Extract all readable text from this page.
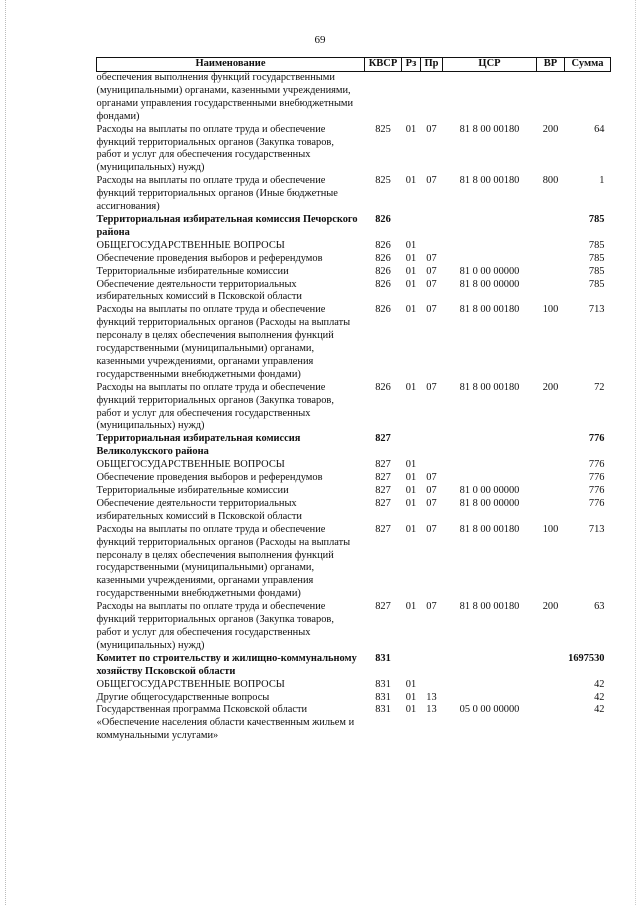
69
Наименование	КВСР	Рз	Пр	ЦСР	ВР	Сумма
обеспечения выполнения функций государственными (муниципальными) органами, казенными учреждениями, органами управления государственными внебюджетными фондами)						
Расходы на выплаты по оплате труда и обеспечение функций территориальных органов (Закупка товаров, работ и услуг для обеспечения государственных (муниципальных) нужд)	825	01	07	81 8 00 00180	200	64
Расходы на выплаты по оплате труда и обеспечение функций территориальных органов (Иные бюджетные ассигнования)	825	01	07	81 8 00 00180	800	1
Территориальная избирательная комиссия Печорского района	826					785
ОБЩЕГОСУДАРСТВЕННЫЕ ВОПРОСЫ	826	01				785
Обеспечение проведения выборов и референдумов	826	01	07			785
Территориальные избирательные комиссии	826	01	07	81 0 00 00000		785
Обеспечение деятельности территориальных избирательных комиссий в Псковской области	826	01	07	81 8 00 00000		785
Расходы на выплаты по оплате труда и обеспечение функций территориальных органов (Расходы на выплаты персоналу в целях обеспечения выполнения функций государственными (муниципальными) органами, казенными учреждениями, органами управления государственными внебюджетными фондами)	826	01	07	81 8 00 00180	100	713
Расходы на выплаты по оплате труда и обеспечение функций территориальных органов (Закупка товаров, работ и услуг для обеспечения государственных (муниципальных) нужд)	826	01	07	81 8 00 00180	200	72
Территориальная избирательная комиссия Великолукского района	827					776
ОБЩЕГОСУДАРСТВЕННЫЕ ВОПРОСЫ	827	01				776
Обеспечение проведения выборов и референдумов	827	01	07			776
Территориальные избирательные комиссии	827	01	07	81 0 00 00000		776
Обеспечение деятельности территориальных избирательных комиссий в Псковской области	827	01	07	81 8 00 00000		776
Расходы на выплаты по оплате труда и обеспечение функций территориальных органов (Расходы на выплаты персоналу в целях обеспечения выполнения функций государственными (муниципальными) органами, казенными учреждениями, органами управления государственными внебюджетными фондами)	827	01	07	81 8 00 00180	100	713
Расходы на выплаты по оплате труда и обеспечение функций территориальных органов (Закупка товаров, работ и услуг для обеспечения государственных (муниципальных) нужд)	827	01	07	81 8 00 00180	200	63
Комитет по строительству и жилищно-коммунальному хозяйству Псковской области	831					1697530
ОБЩЕГОСУДАРСТВЕННЫЕ ВОПРОСЫ	831	01				42
Другие общегосударственные вопросы	831	01	13			42
Государственная программа Псковской области «Обеспечение населения области качественным жильем и коммунальными услугами»	831	01	13	05 0 00 00000		42
